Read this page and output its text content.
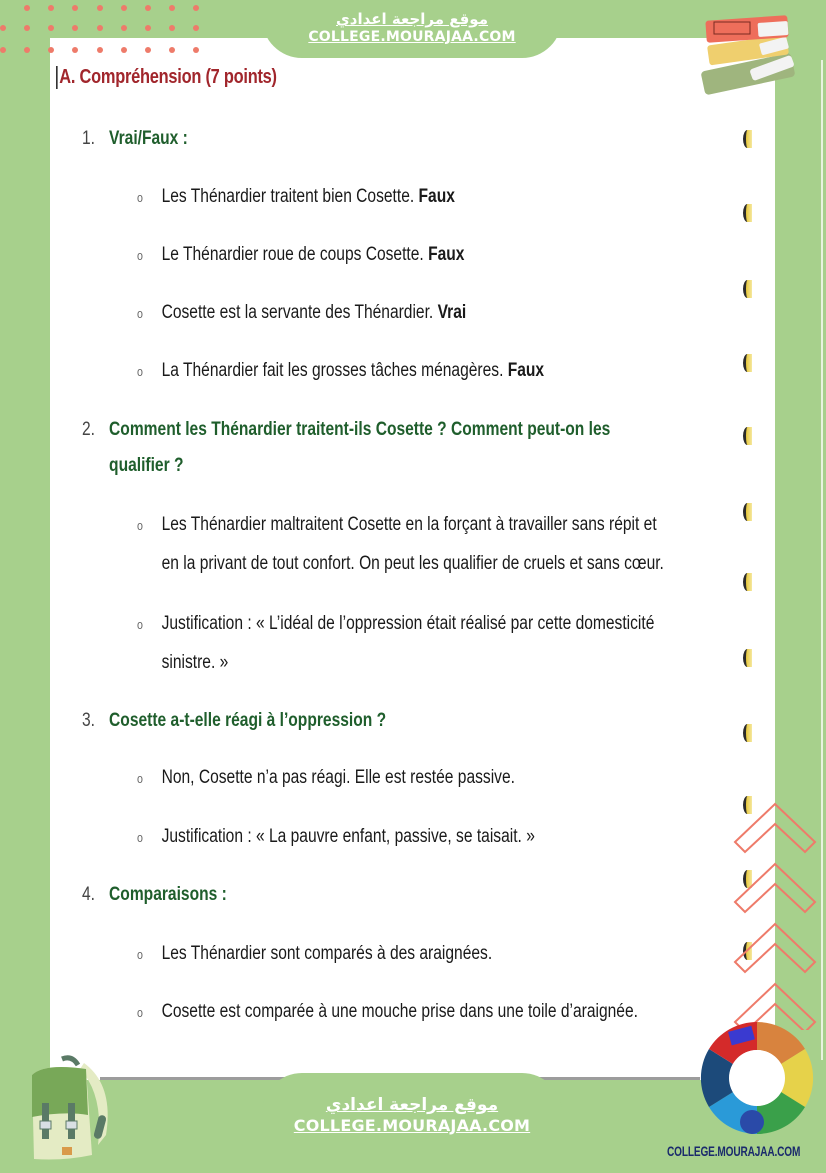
موقع مراجعة اعدادي
COLLEGE.MOURAJAA.COM
A. Compréhension (7 points)
1. Vrai/Faux :
o Les Thénardier traitent bien Cosette. Faux
o Le Thénardier roue de coups Cosette. Faux
o Cosette est la servante des Thénardier. Vrai
o La Thénardier fait les grosses tâches ménagères. Faux
2. Comment les Thénardier traitent-ils Cosette ? Comment peut-on les
qualifier ?
o Les Thénardier maltraitent Cosette en la forçant à travailler sans répit et
en la privant de tout confort. On peut les qualifier de cruels et sans cœur.
o Justification : « L’idéal de l’oppression était réalisé par cette domesticité
sinistre. »
3. Cosette a-t-elle réagi à l’oppression ?
o Non, Cosette n’a pas réagi. Elle est restée passive.
o Justification : « La pauvre enfant, passive, se taisait. »
4. Comparaisons :
o Les Thénardier sont comparés à des araignées.
o Cosette est comparée à une mouche prise dans une toile d’araignée.
موقع مراجعة اعدادي
COLLEGE.MOURAJAA.COM
COLLEGE.MOURAJAA.COM
